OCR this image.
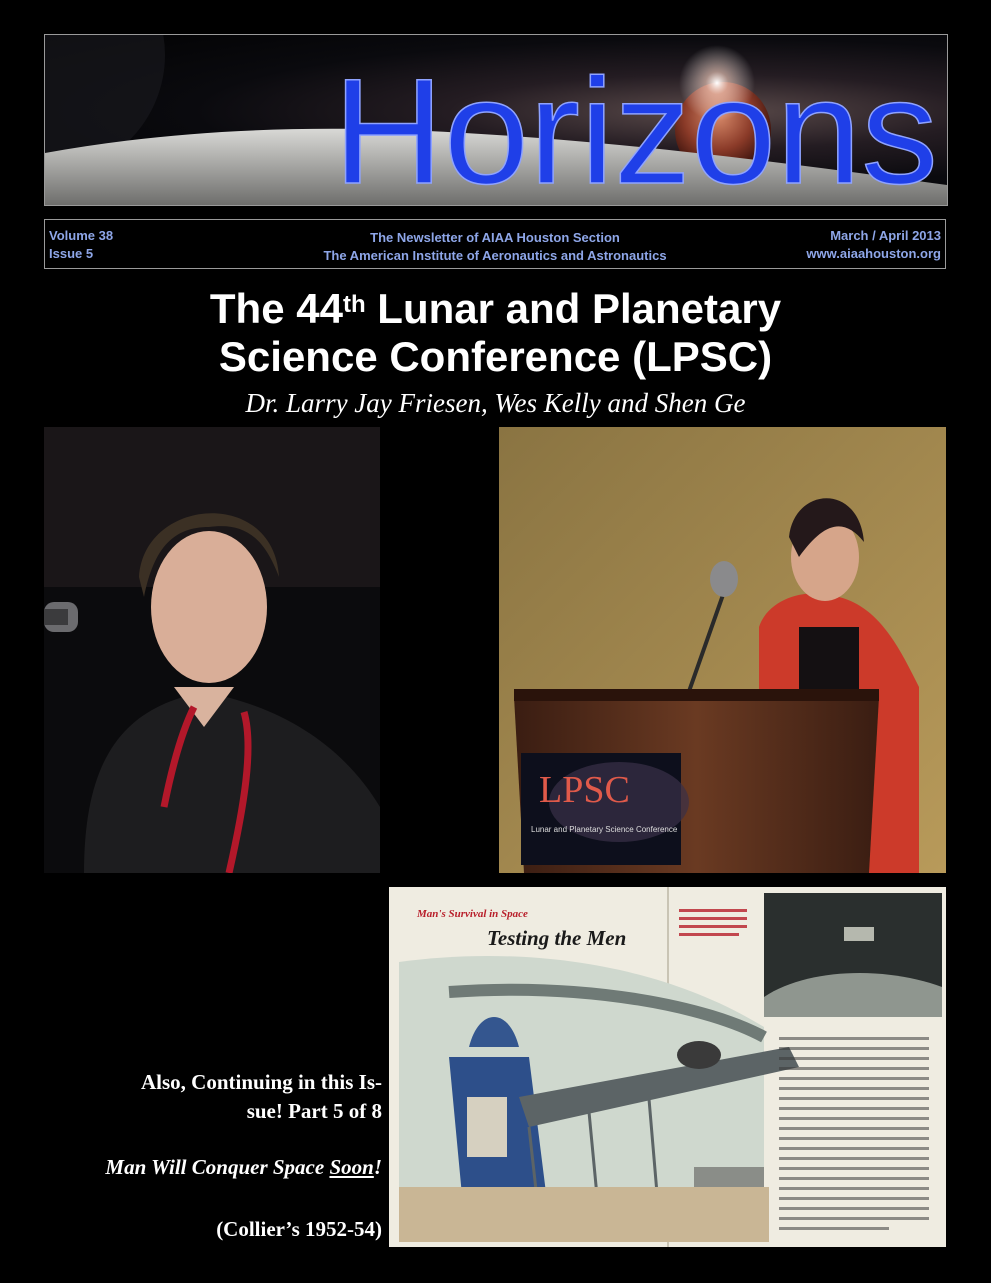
Horizons
Volume 38
Issue 5
The Newsletter of AIAA Houston Section
The American Institute of Aeronautics and Astronautics
March / April 2013
www.aiaahouston.org
The 44th Lunar and Planetary
Science Conference (LPSC)
Dr. Larry Jay Friesen, Wes Kelly and Shen Ge
LPSC
Lunar and Planetary Science Conference
Man's Survival in Space
Testing the Men
Also, Continuing in this Is-
sue! Part 5 of 8
Man Will Conquer Space Soon!
(Collier’s 1952-54)
